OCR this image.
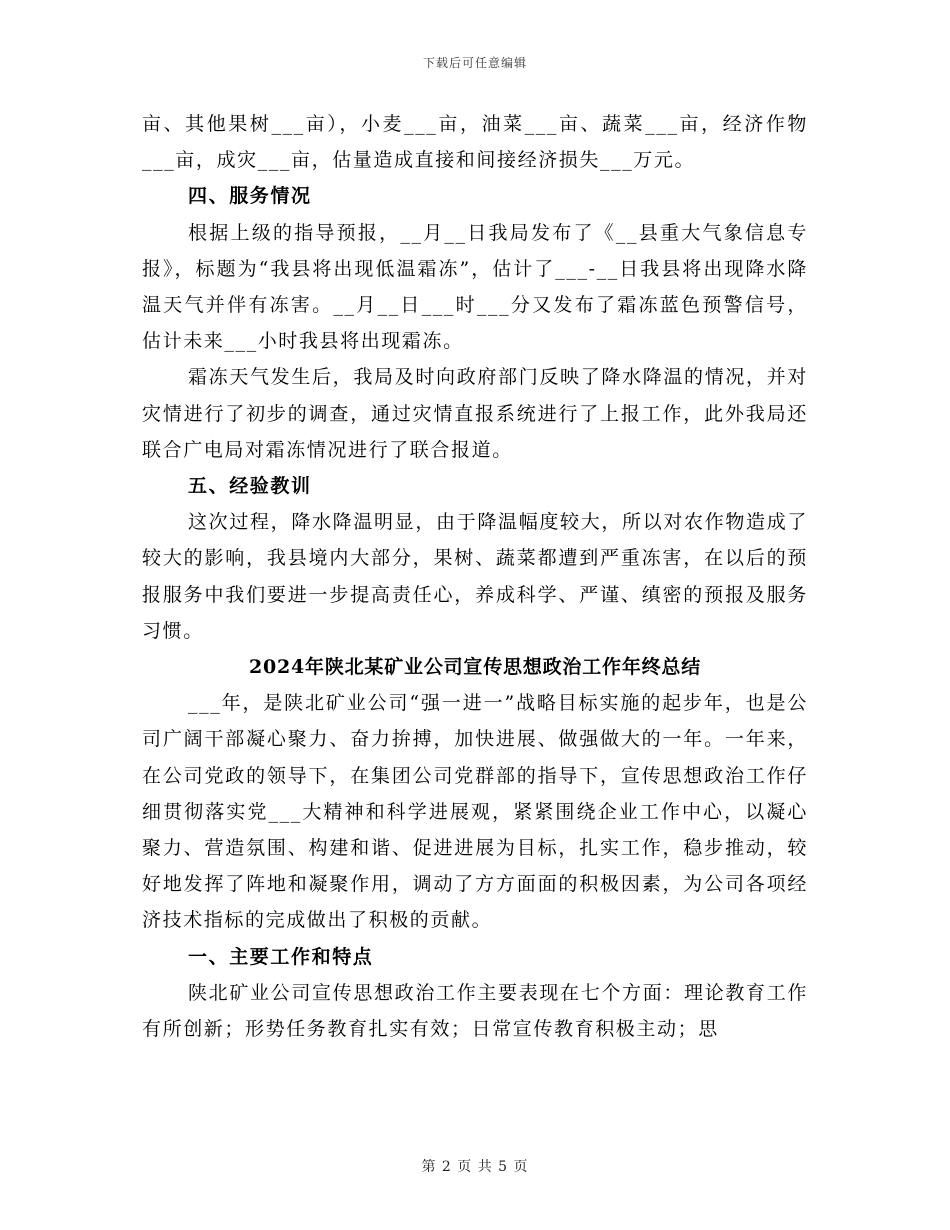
下载后可任意编辑

亩、其他果树___亩），小麦___亩，油菜___亩、蔬菜___亩，经济作物___亩，成灾___亩，估量造成直接和间接经济损失___万元。

四、服务情况

根据上级的指导预报，__月__日我局发布了《__县重大气象信息专报》，标题为“我县将出现低温霜冻”，估计了___-__日我县将出现降水降温天气并伴有冻害。__月__日___时___分又发布了霜冻蓝色预警信号，估计未来___小时我县将出现霜冻。

霜冻天气发生后，我局及时向政府部门反映了降水降温的情况，并对灾情进行了初步的调查，通过灾情直报系统进行了上报工作，此外我局还联合广电局对霜冻情况进行了联合报道。

五、经验教训

这次过程，降水降温明显，由于降温幅度较大，所以对农作物造成了较大的影响，我县境内大部分，果树、蔬菜都遭到严重冻害，在以后的预报服务中我们要进一步提高责任心，养成科学、严谨、缜密的预报及服务习惯。

2024年陕北某矿业公司宣传思想政治工作年终总结

___年，是陕北矿业公司“强一进一”战略目标实施的起步年，也是公司广阔干部凝心聚力、奋力拚搏，加快进展、做强做大的一年。一年来，在公司党政的领导下，在集团公司党群部的指导下，宣传思想政治工作仔细贯彻落实党___大精神和科学进展观，紧紧围绕企业工作中心，以凝心聚力、营造氛围、构建和谐、促进进展为目标，扎实工作，稳步推动，较好地发挥了阵地和凝聚作用，调动了方方面面的积极因素，为公司各项经济技术指标的完成做出了积极的贡献。

一、主要工作和特点

陕北矿业公司宣传思想政治工作主要表现在七个方面：理论教育工作有所创新；形势任务教育扎实有效；日常宣传教育积极主动；思

第 2 页 共 5 页
